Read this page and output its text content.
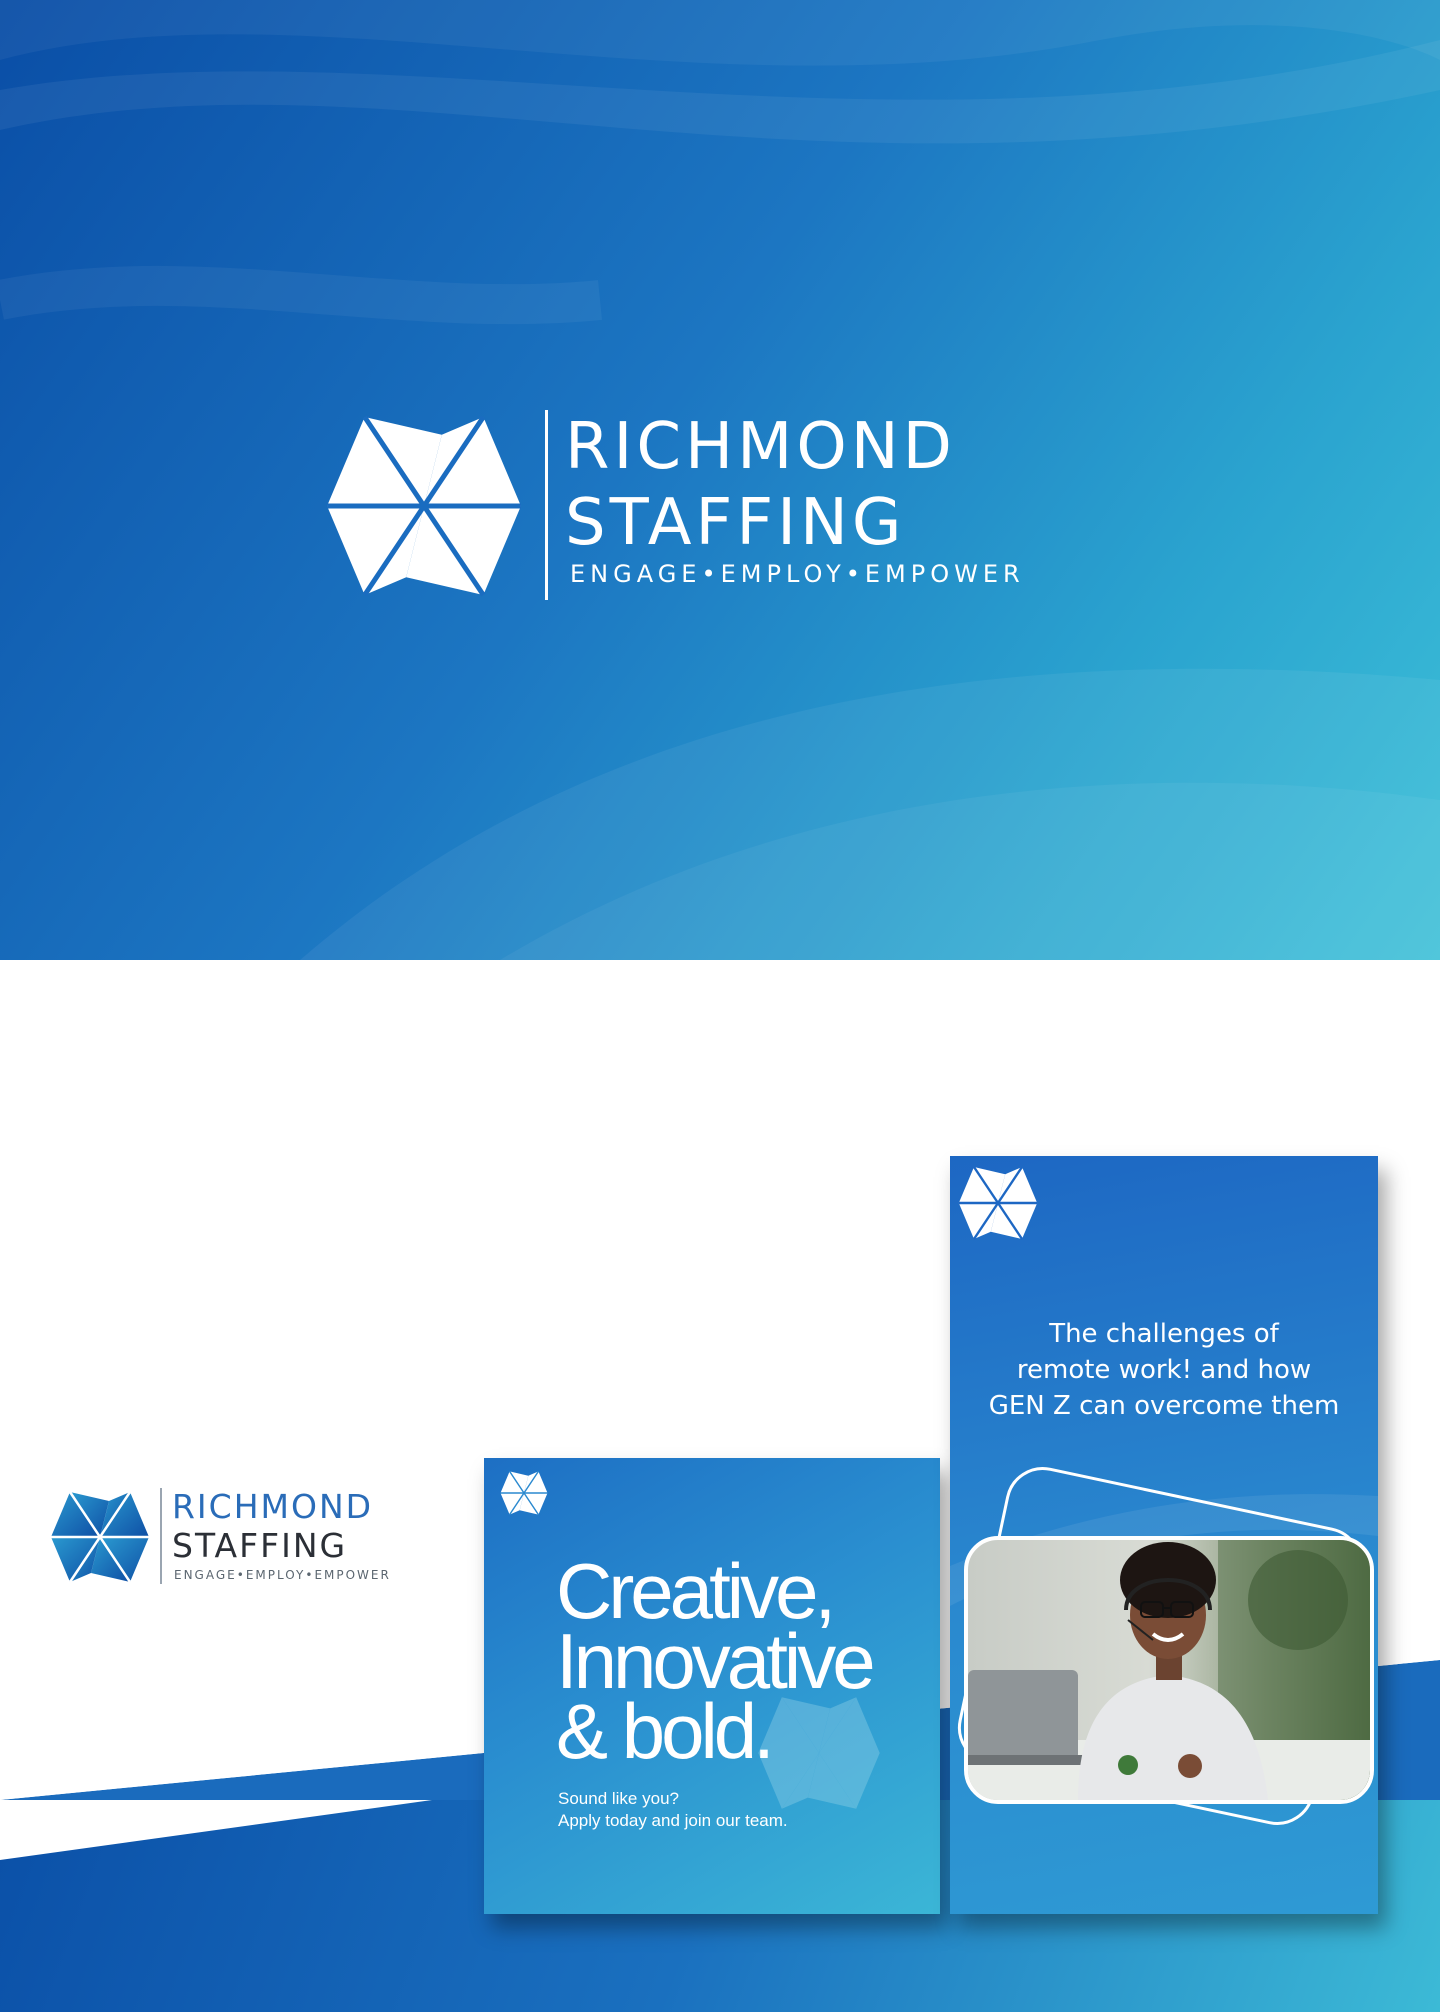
RICHMOND
STAFFING
ENGAGE•EMPLOY•EMPOWER
RICHMOND
STAFFING
ENGAGE•EMPLOY•EMPOWER Creative,
Innovative
& bold.
Sound like you?
Apply today and join our team.
The challenges of
remote work! and how
GEN Z can overcome them
